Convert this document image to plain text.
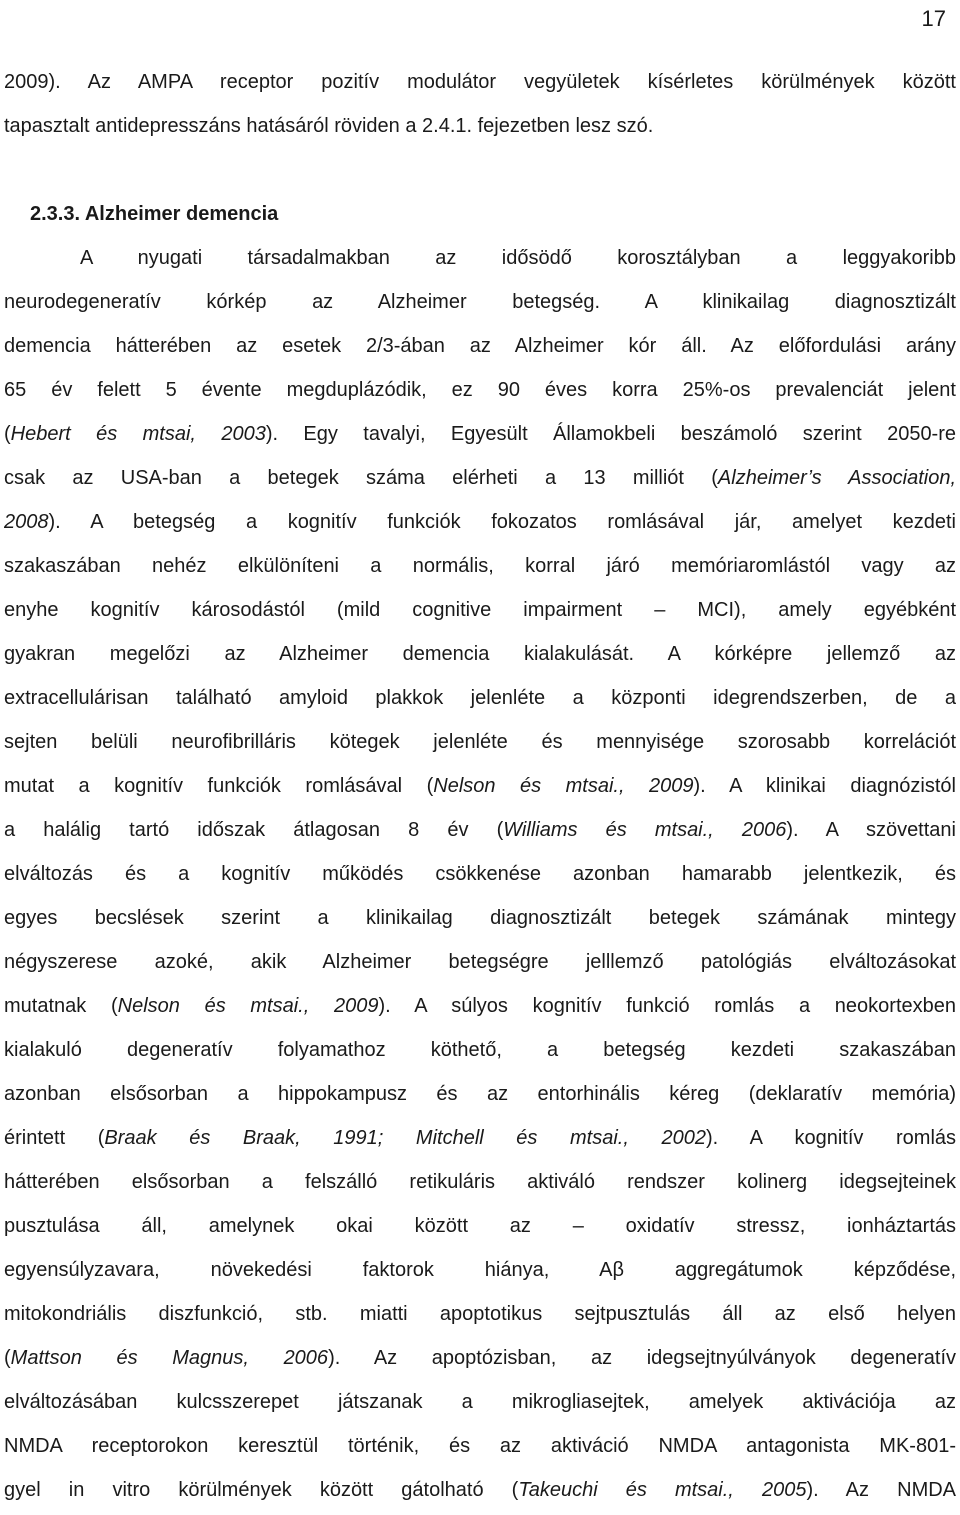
17
2009). Az AMPA receptor pozitív modulátor vegyületek kísérletes körülmények között
tapasztalt antidepresszáns hatásáról röviden a 2.4.1. fejezetben lesz szó.
2.3.3. Alzheimer demencia
A nyugati társadalmakban az idősödő korosztályban a leggyakoribb
neurodegeneratív kórkép az Alzheimer betegség. A klinikailag diagnosztizált
demencia hátterében az esetek 2/3-ában az Alzheimer kór áll. Az előfordulási arány
65 év felett 5 évente megduplázódik, ez 90 éves korra 25%-os prevalenciát jelent
(Hebert és mtsai, 2003). Egy tavalyi, Egyesült Államokbeli beszámoló szerint 2050-re
csak az USA-ban a betegek száma elérheti a 13 milliót (Alzheimer’s Association,
2008). A betegség a kognitív funkciók fokozatos romlásával jár, amelyet kezdeti
szakaszában nehéz elkülöníteni a normális, korral járó memóriaromlástól vagy az
enyhe kognitív károsodástól (mild cognitive impairment – MCI), amely egyébként
gyakran megelőzi az Alzheimer demencia kialakulását. A kórképre jellemző az
extracellulárisan található amyloid plakkok jelenléte a központi idegrendszerben, de a
sejten belüli neurofibrilláris kötegek jelenléte és mennyisége szorosabb korrelációt
mutat a kognitív funkciók romlásával (Nelson és mtsai., 2009). A klinikai diagnózistól
a halálig tartó időszak átlagosan 8 év (Williams és mtsai., 2006). A szövettani
elváltozás és a kognitív működés csökkenése azonban hamarabb jelentkezik, és
egyes becslések szerint a klinikailag diagnosztizált betegek számának mintegy
négyszerese azoké, akik Alzheimer betegségre jelllemző patológiás elváltozásokat
mutatnak (Nelson és mtsai., 2009). A súlyos kognitív funkció romlás a neokortexben
kialakuló degeneratív folyamathoz köthető, a betegség kezdeti szakaszában
azonban elsősorban a hippokampusz és az entorhinális kéreg (deklaratív memória)
érintett (Braak és Braak, 1991; Mitchell és mtsai., 2002). A kognitív romlás
hátterében elsősorban a felszálló retikuláris aktiváló rendszer kolinerg idegsejteinek
pusztulása áll, amelynek okai között az – oxidatív stressz, ionháztartás
egyensúlyzavara, növekedési faktorok hiánya, Aβ aggregátumok képződése,
mitokondriális diszfunkció, stb. miatti apoptotikus sejtpusztulás áll az első helyen
(Mattson és Magnus, 2006). Az apoptózisban, az idegsejtnyúlványok degeneratív
elváltozásában kulcsszerepet játszanak a mikrogliasejtek, amelyek aktivációja az
NMDA receptorokon keresztül történik, és az aktiváció NMDA antagonista MK-801-
gyel in vitro körülmények között gátolható (Takeuchi és mtsai., 2005). Az NMDA
